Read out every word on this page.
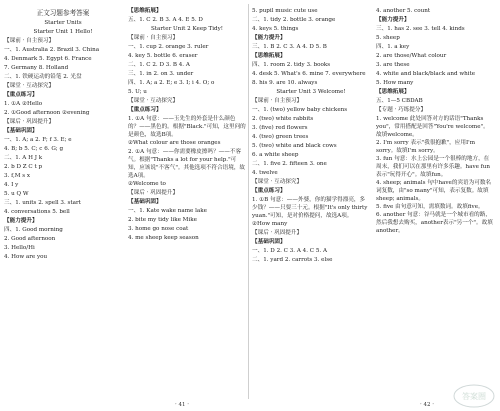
正文习题参考答案
Starter Units
Starter Unit 1 Hello!
【课前 · 自主预习】
一、1. Australia 2. Brazil 3. China
4. Denmark 5. Egypt 6. France
7. Germany 8. Holland
二、1. 铁硬运动的铅笔 2. 光盘
【课堂 · 互动探究】
【重点练习】
1. ①A ②Hello
2. ①Good afternoon ②evening
【课后 · 巩固提升】
【基础巩固】
一、1. A; a 2. F; f 3. E; e
4. B; b 5. C; c 6. G; g
二、1. A H J k
2. b D Z C t p
3. f,M s x
4. I y
5. u Q W
三、1. units 2. spell 3. start
4. conversations 5. bell
【能力提升】
四、1. Good morning
2. Good afternoon
3. Hello/Hi
4. How are you
【思维拓展】
五、1. C 2. B 3. A 4. E 5. D
Starter Unit 2 Keep Tidy!
【课前 · 自主预习】
一、1. cup 2. orange 3. ruler
4. key 5. bottle 6. eraser
二、1. C 2. D 3. B 4. A
三、1. in 2. on 3. under
四、1. A; a 2. E; e 3. I; i 4. O; o
5. U; u
【课堂 · 互动探究】
【重点练习】
1. ①A 句意：——玉先生的外套是什么颜色的？——黑色的。根据"Black."可知，这里问的是颜色，故选B项。
②What colour are those oranges
2. ①A 句意：——你需要橡皮擦吗？——不客气。根据"Thanks a lot for your help."可知，应该说"不客气"。其他选项不符合语境，故选A项。
②Welcome to
【课后 · 巩固提升】
【基础巩固】
一、1. Kate wake name lake
2. bite my tidy like Mike
3. home go nose coat
4. me sheep keep season
5. pupil music cute use
二、1. tidy 2. bottle 3. orange
4. keys 5. things
【能力提升】
三、1. B 2. C 3. A 4. D 5. B
【思维拓展】
四、1. room 2. tidy 3. books
4. desk 5. What's 6. mine 7. everywhere
8. his 9. are 10. always
Starter Unit 3 Welcome!
【课前 · 自主预习】
一、1. (two) yellow baby chickens
2. (two) white rabbits
3. (five) red flowers
4. (two) green trees
5. (two) white and black cows
6. a white sheep
二、1. five 2. fifteen 3. one
4. twelve
【课堂 · 互动探究】
【重点练习】
1. ①B 句意：——外婆，你的猫学得漂亮，多少钱？——只要三十元。根据"It's only thirty yuan."可知，是对价格提问，故选A项。
②How many
【课后 · 巩固提升】
【基础巩固】
一、1. D 2. C 3. A 4. C 5. A
二、1. yard 2. carrots 3. else
4. another 5. count
【能力提升】
三、1. has 2. see 3. tell 4. kinds
5. sheep
四、1. a key
2. are those/What colour
3. are these
4. white and black/black and white
5. How many
【思维拓展】
五、1—5 CBDAB
【专题 · 巧练提分】
1. welcome 此处回答对方的话语"Thanks you"，常用搭配是回答"You're welcome"。故填welcome。
2. I'm sorry 表示"我很抱歉"，应用I'm sorry。故填I'm sorry。
3. fun 句意：水上公园是一个很棒的地方，在周末，我们可以在那里有许多乐趣。have fun表示"玩得开心"。故填fun。
4. sheep; animals 句中have的宾语为可数名词复数，由"so many"可知，表示复数。故填sheep; animals。
5. five 由句意可知，需填数词。故填five。
6. another 句意：谷马就是一个城市看的路，然后我想去购买，another表示"另一个"。故填another。
· 41 ·	· 42 ·
答案圈
